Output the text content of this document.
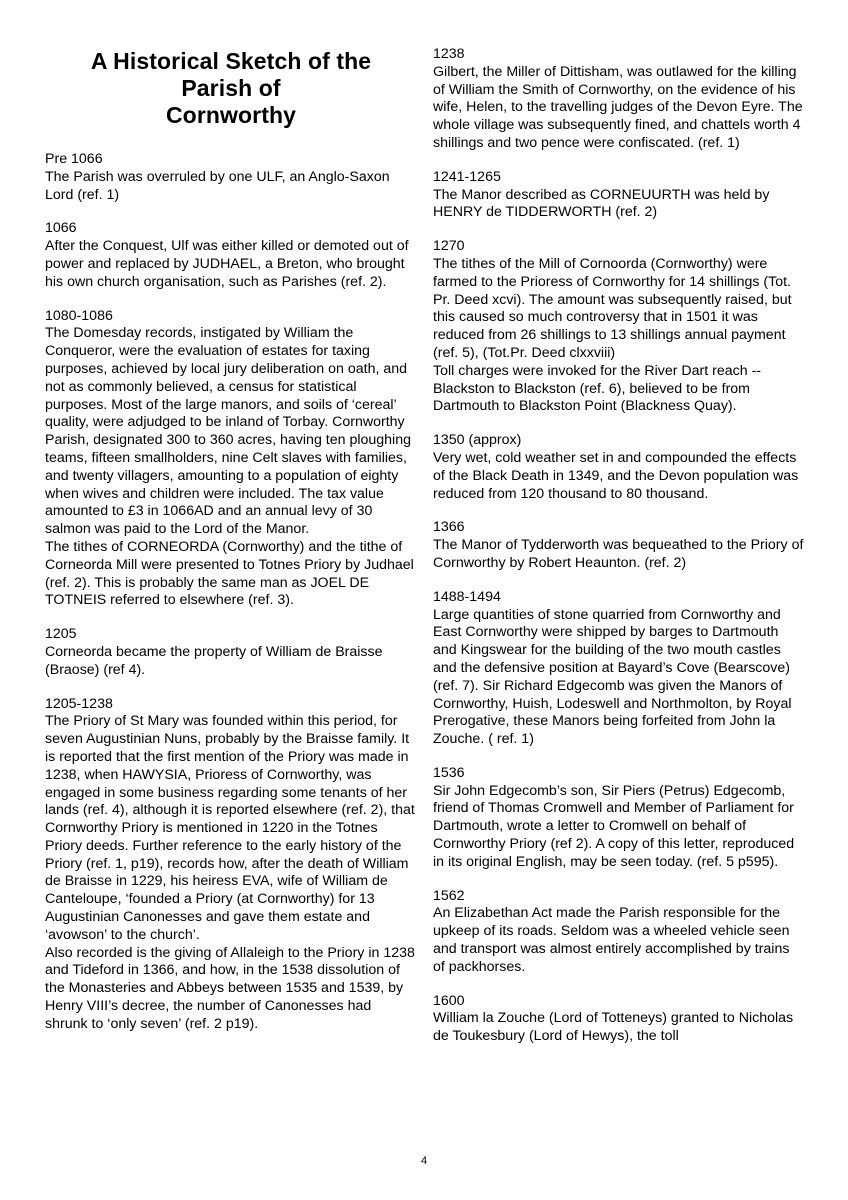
A Historical Sketch of the
Parish of
Cornworthy
Pre 1066

The Parish was overruled by one ULF, an Anglo-Saxon Lord (ref. 1)

1066

After the Conquest, Ulf was either killed or demoted out of power and replaced by JUDHAEL, a Breton, who brought his own church organisation, such as Parishes (ref. 2).

1080-1086

The Domesday records, instigated by William the Conqueror, were the evaluation of estates for taxing purposes, achieved by local jury deliberation on oath, and not as commonly believed, a census for statistical purposes. Most of the large manors, and soils of ‘cereal’ quality, were adjudged to be inland of Torbay. Cornworthy Parish, designated 300 to 360 acres, having ten ploughing teams, fifteen smallholders, nine Celt slaves with families, and twenty villagers, amounting to a population of eighty when wives and children were included. The tax value amounted to £3 in 1066AD and an annual levy of 30 salmon was paid to the Lord of the Manor.

The tithes of CORNEORDA (Cornworthy) and the tithe of Corneorda Mill were presented to Totnes Priory by Judhael (ref. 2). This is probably the same man as JOEL DE TOTNEIS referred to elsewhere (ref. 3).

1205

Corneorda became the property of William de Braisse (Braose) (ref 4).

1205-1238

The Priory of St Mary was founded within this period, for seven Augustinian Nuns, probably by the Braisse family. It is reported that the first mention of the Priory was made in 1238, when HAWYSIA, Prioress of Cornworthy, was engaged in some business regarding some tenants of her lands (ref. 4), although it is reported elsewhere (ref. 2), that Cornworthy Priory is mentioned in 1220 in the Totnes Priory deeds. Further reference to the early history of the Priory (ref. 1, p19), records how, after the death of William de Braisse in 1229, his heiress EVA, wife of William de Canteloupe, ‘founded a Priory (at Cornworthy) for 13 Augustinian Canonesses and gave them estate and ‘avowson’ to the church’.

Also recorded is the giving of Allaleigh to the Priory in 1238 and Tideford in 1366, and how, in the 1538 dissolution of the Monasteries and Abbeys between 1535 and 1539, by Henry VIII’s decree, the number of Canonesses had shrunk to ‘only seven’ (ref. 2 p19).

1238

Gilbert, the Miller of Dittisham, was outlawed for the killing of William the Smith of Cornworthy, on the evidence of his wife, Helen, to the travelling judges of the Devon Eyre. The whole village was subsequently fined, and chattels worth 4 shillings and two pence were confiscated. (ref. 1)

1241-1265

The Manor described as CORNEUURTH was held by HENRY de TIDDERWORTH (ref. 2)

1270

The tithes of the Mill of Cornoorda (Cornworthy) were farmed to the Prioress of Cornworthy for 14 shillings (Tot. Pr. Deed xcvi). The amount was subsequently raised, but this caused so much controversy that in 1501 it was reduced from 26 shillings to 13 shillings annual payment (ref. 5), (Tot.Pr. Deed clxxviii)

Toll charges were invoked for the River Dart reach -- Blackston to Blackston (ref. 6), believed to be from Dartmouth to Blackston Point (Blackness Quay).

1350 (approx)

Very wet, cold weather set in and compounded the effects of the Black Death in 1349, and the Devon population was reduced from 120 thousand to 80 thousand.

1366

The Manor of Tydderworth was bequeathed to the Priory of Cornworthy by Robert Heaunton. (ref. 2)

1488-1494

Large quantities of stone quarried from Cornworthy and East Cornworthy were shipped by barges to Dartmouth and Kingswear for the building of the two mouth castles and the defensive position at Bayard’s Cove (Bearscove) (ref. 7). Sir Richard Edgecomb was given the Manors of Cornworthy, Huish, Lodeswell and Northmolton, by Royal Prerogative, these Manors being forfeited from John la Zouche. ( ref. 1)

1536

Sir John Edgecomb’s son, Sir Piers (Petrus) Edgecomb, friend of Thomas Cromwell and Member of Parliament for Dartmouth, wrote a letter to Cromwell on behalf of Cornworthy Priory (ref 2). A copy of this letter, reproduced in its original English, may be seen today. (ref. 5 p595).

1562

An Elizabethan Act made the Parish responsible for the upkeep of its roads. Seldom was a wheeled vehicle seen and transport was almost entirely accomplished by trains of packhorses.

1600

William la Zouche (Lord of Totteneys) granted to Nicholas de Toukesbury (Lord of Hewys), the toll

4
